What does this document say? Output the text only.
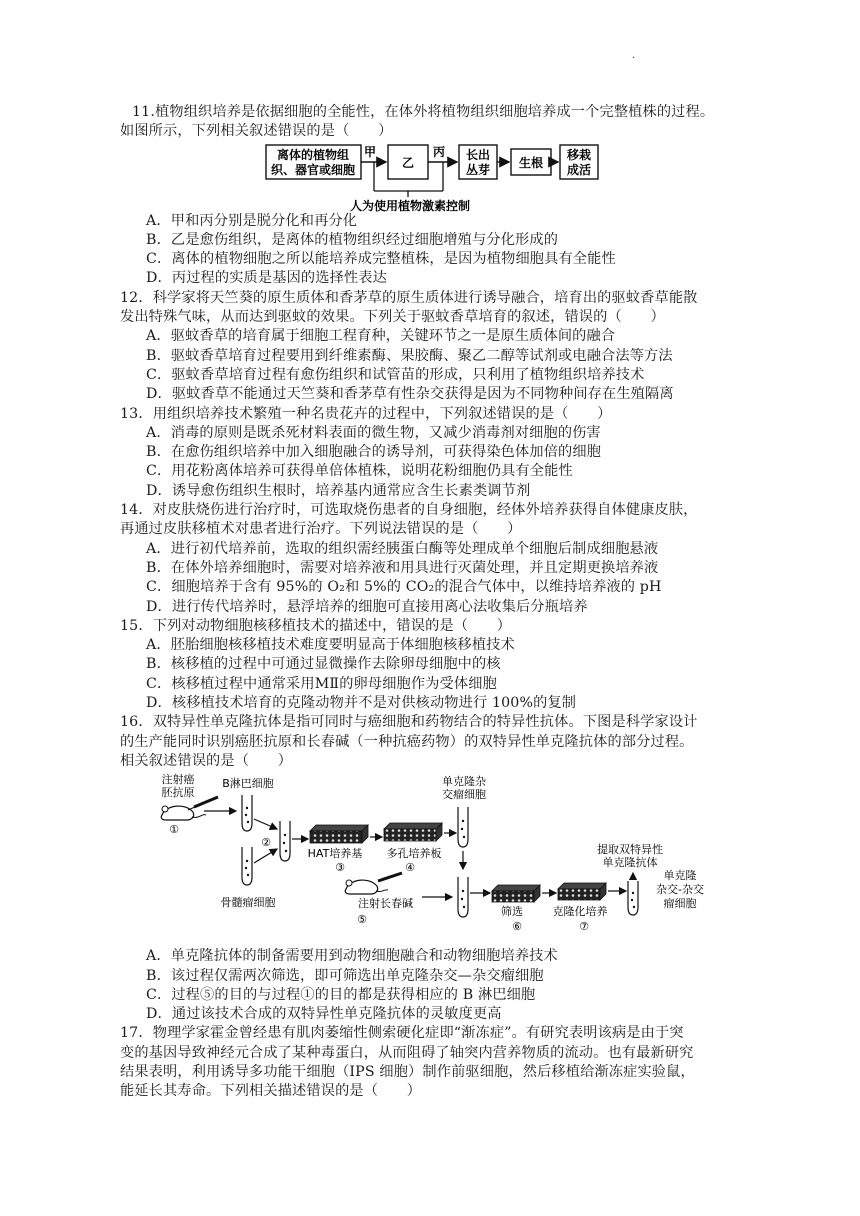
.
11.植物组织培养是依据细胞的全能性，在体外将植物组织细胞培养成一个完整植株的过程。
如图所示，下列相关叙述错误的是（　　）
离体的植物组
织、器官或细胞
甲
乙
丙 长出
丛芽 生根
移栽
成活
人为使用植物激素控制
A．甲和丙分别是脱分化和再分化
B．乙是愈伤组织，是离体的植物组织经过细胞增殖与分化形成的
C．离体的植物细胞之所以能培养成完整植株，是因为植物细胞具有全能性
D．丙过程的实质是基因的选择性表达
12．科学家将天竺葵的原生质体和香茅草的原生质体进行诱导融合，培育出的驱蚊香草能散
发出特殊气味，从而达到驱蚊的效果。下列关于驱蚊香草培育的叙述，错误的（　　）
A．驱蚊香草的培育属于细胞工程育种，关键环节之一是原生质体间的融合
B．驱蚊香草培育过程要用到纤维素酶、果胶酶、聚乙二醇等试剂或电融合法等方法
C．驱蚊香草培育过程有愈伤组织和试管苗的形成，只利用了植物组织培养技术
D．驱蚊香草不能通过天竺葵和香茅草有性杂交获得是因为不同物种间存在生殖隔离
13．用组织培养技术繁殖一种名贵花卉的过程中，下列叙述错误的是（　　）
A．消毒的原则是既杀死材料表面的微生物，又减少消毒剂对细胞的伤害
B．在愈伤组织培养中加入细胞融合的诱导剂，可获得染色体加倍的细胞
C．用花粉离体培养可获得单倍体植株，说明花粉细胞仍具有全能性
D．诱导愈伤组织生根时，培养基内通常应含生长素类调节剂
14．对皮肤烧伤进行治疗时，可选取烧伤患者的自身细胞，经体外培养获得自体健康皮肤，
再通过皮肤移植术对患者进行治疗。下列说法错误的是（　　）
A．进行初代培养前，选取的组织需经胰蛋白酶等处理成单个细胞后制成细胞悬液
B．在体外培养细胞时，需要对培养液和用具进行灭菌处理，并且定期更换培养液
C．细胞培养于含有 95%的 O₂和 5%的 CO₂的混合气体中，以维持培养液的 pH
D．进行传代培养时，悬浮培养的细胞可直接用离心法收集后分瓶培养
15．下列对动物细胞核移植技术的描述中，错误的是（　　）
A．胚胎细胞核移植技术难度要明显高于体细胞核移植技术
B．核移植的过程中可通过显微操作去除卵母细胞中的核
C．核移植过程中通常采用MⅡ的卵母细胞作为受体细胞
D．核移植技术培育的克隆动物并不是对供核动物进行 100%的复制
16．双特异性单克隆抗体是指可同时与癌细胞和药物结合的特异性抗体。下图是科学家设计
的生产能同时识别癌胚抗原和长春碱（一种抗癌药物）的双特异性单克隆抗体的部分过程。
相关叙述错误的是（　　）
注射癌
胚抗原
①
B淋巴细胞
骨髓瘤细胞
②
HAT培养基
③
多孔培养板
④
单克隆杂
交瘤细胞
注射长春碱
⑤
筛选
⑥
克隆化培养
⑦
提取双特异性
单克隆抗体
单克隆
杂交-杂交
瘤细胞
A．单克隆抗体的制备需要用到动物细胞融合和动物细胞培养技术
B．该过程仅需两次筛选，即可筛选出单克隆杂交—杂交瘤细胞
C．过程⑤的目的与过程①的目的都是获得相应的 B 淋巴细胞
D．通过该技术合成的双特异性单克隆抗体的灵敏度更高
17．物理学家霍金曾经患有肌肉萎缩性侧索硬化症即“渐冻症”。有研究表明该病是由于突
变的基因导致神经元合成了某种毒蛋白，从而阻碍了轴突内营养物质的流动。也有最新研究
结果表明，利用诱导多功能干细胞（IPS 细胞）制作前驱细胞，然后移植给渐冻症实验鼠，
能延长其寿命。下列相关描述错误的是（　　）
